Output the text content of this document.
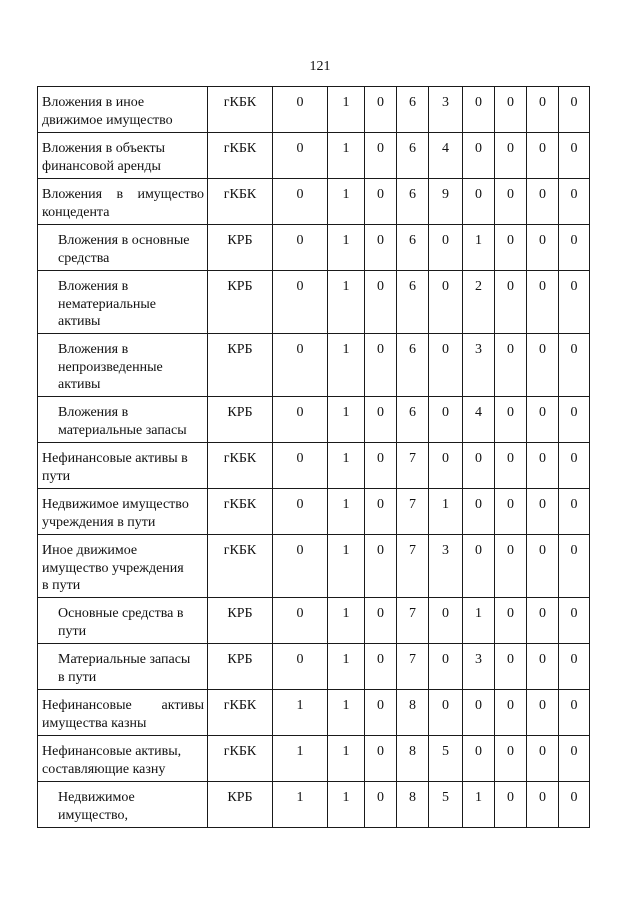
121
Вложения в иное
движимое имущество	гКБК	0	1	0	6	3	0	0	0	0

Вложения в объекты
финансовой аренды	гКБК	0	1	0	6	4	0	0	0	0

Вложения в имущество
концедента	гКБК	0	1	0	6	9	0	0	0	0

Вложения в основные
средства	КРБ	0	1	0	6	0	1	0	0	0

Вложения в
нематериальные
активы	КРБ	0	1	0	6	0	2	0	0	0

Вложения в
непроизведенные
активы	КРБ	0	1	0	6	0	3	0	0	0

Вложения в
материальные запасы	КРБ	0	1	0	6	0	4	0	0	0

Нефинансовые активы в
пути	гКБК	0	1	0	7	0	0	0	0	0

Недвижимое имущество
учреждения в пути	гКБК	0	1	0	7	1	0	0	0	0

Иное движимое
имущество учреждения
в пути	гКБК	0	1	0	7	3	0	0	0	0

Основные средства в
пути	КРБ	0	1	0	7	0	1	0	0	0

Материальные запасы
в пути	КРБ	0	1	0	7	0	3	0	0	0

Нефинансовые активы
имущества казны	гКБК	1	1	0	8	0	0	0	0	0

Нефинансовые активы,
составляющие казну	гКБК	1	1	0	8	5	0	0	0	0

Недвижимое
имущество,	КРБ	1	1	0	8	5	1	0	0	0
